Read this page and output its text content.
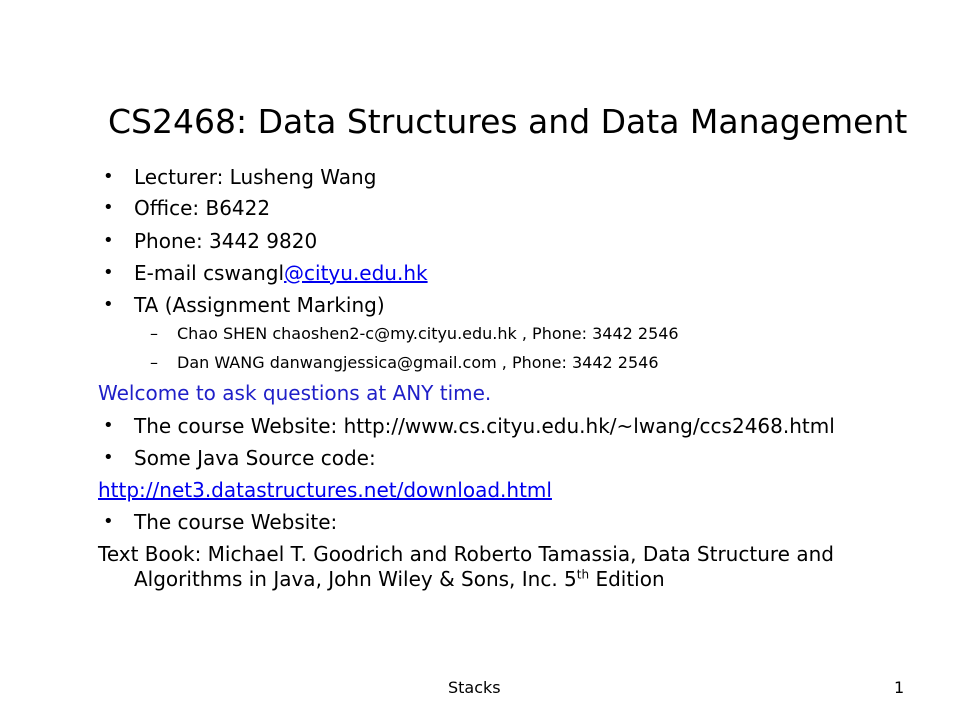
CS2468: Data Structures and Data Management
• Lecturer: Lusheng Wang
• Office: B6422
• Phone: 3442 9820
• E-mail cswangl@cityu.edu.hk
• TA (Assignment Marking)
– Chao SHEN chaoshen2-c@my.cityu.edu.hk , Phone: 3442 2546
– Dan WANG danwangjessica@gmail.com , Phone: 3442 2546
Welcome to ask questions at ANY time.
• The course Website: http://www.cs.cityu.edu.hk/~lwang/ccs2468.html
• Some Java Source code:
http://net3.datastructures.net/download.html
• The course Website:
Text Book: Michael T. Goodrich and Roberto Tamassia, Data Structure and
Algorithms in Java, John Wiley & Sons, Inc. 5th Edition
Stacks	1
